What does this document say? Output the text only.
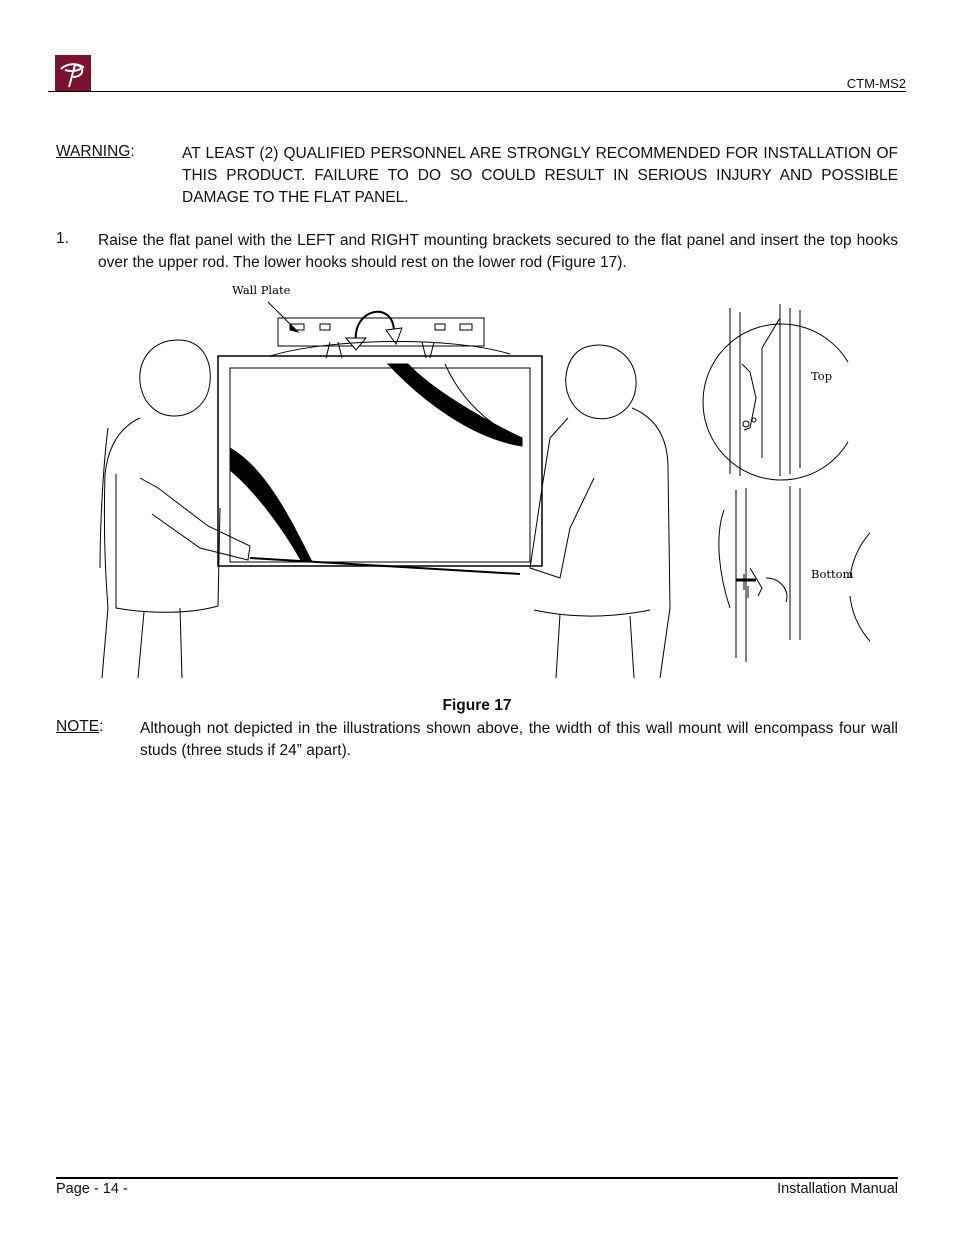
CTM-MS2
WARNING:	AT LEAST (2) QUALIFIED PERSONNEL ARE STRONGLY RECOMMENDED FOR INSTALLATION OF THIS PRODUCT. FAILURE TO DO SO COULD RESULT IN SERIOUS INJURY AND POSSIBLE DAMAGE TO THE FLAT PANEL.
1. Raise the flat panel with the LEFT and RIGHT mounting brackets secured to the flat panel and insert the top hooks over the upper rod. The lower hooks should rest on the lower rod (Figure 17).
Wall Plate
Top
Bottom
Figure 17
NOTE: Although not depicted in the illustrations shown above, the width of this wall mount will encompass four wall studs (three studs if 24” apart).
Page - 14 -	Installation Manual
